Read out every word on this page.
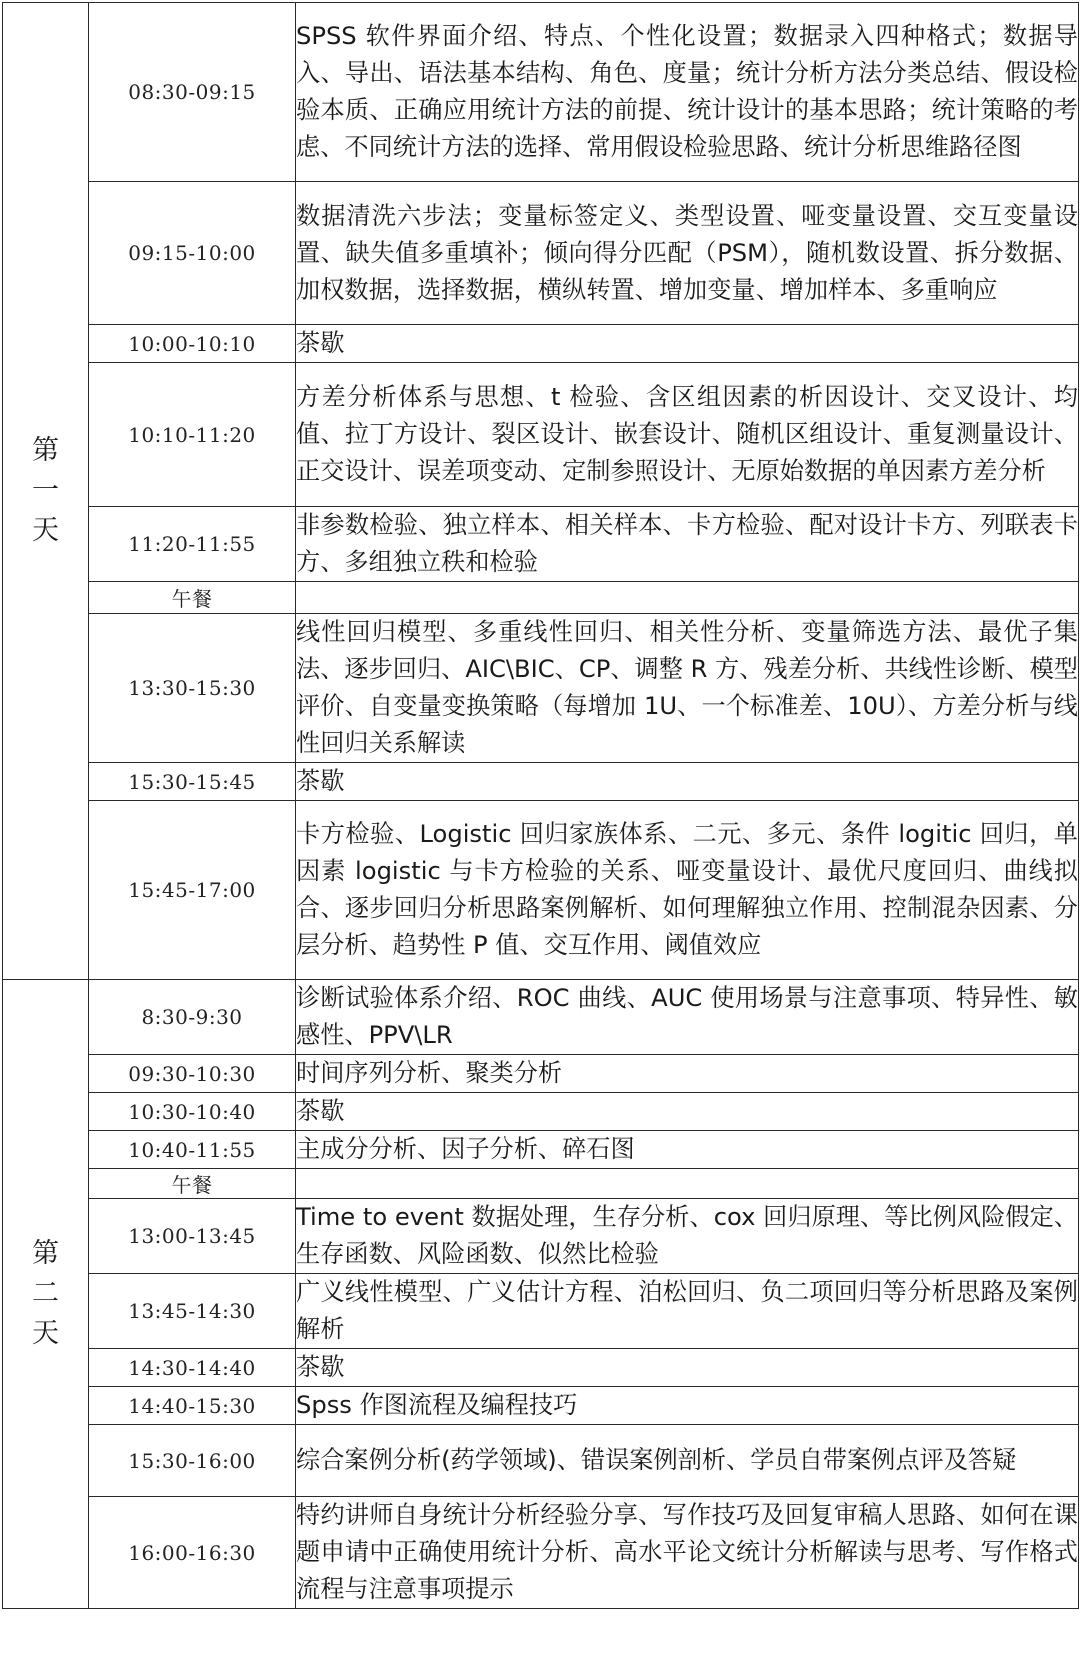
第一天	08:30-09:15	SPSS 软件界面介绍、特点、个性化设置；数据录入四种格式；数据导入、导出、语法基本结构、角色、度量；统计分析方法分类总结、假设检验本质、正确应用统计方法的前提、统计设计的基本思路；统计策略的考虑、不同统计方法的选择、常用假设检验思路、统计分析思维路径图
	09:15-10:00	数据清洗六步法；变量标签定义、类型设置、哑变量设置、交互变量设置、缺失值多重填补；倾向得分匹配（PSM），随机数设置、拆分数据、加权数据，选择数据，横纵转置、增加变量、增加样本、多重响应
	10:00-10:10	茶歇
	10:10-11:20	方差分析体系与思想、t 检验、含区组因素的析因设计、交叉设计、均值、拉丁方设计、裂区设计、嵌套设计、随机区组设计、重复测量设计、正交设计、误差项变动、定制参照设计、无原始数据的单因素方差分析
	11:20-11:55	非参数检验、独立样本、相关样本、卡方检验、配对设计卡方、列联表卡方、多组独立秩和检验
	午餐	
	13:30-15:30	线性回归模型、多重线性回归、相关性分析、变量筛选方法、最优子集法、逐步回归、AIC\BIC、CP、调整 R 方、残差分析、共线性诊断、模型评价、自变量变换策略（每增加 1U、一个标准差、10U）、方差分析与线性回归关系解读
	15:30-15:45	茶歇
	15:45-17:00	卡方检验、Logistic 回归家族体系、二元、多元、条件 logitic 回归，单因素 logistic 与卡方检验的关系、哑变量设计、最优尺度回归、曲线拟合、逐步回归分析思路案例解析、如何理解独立作用、控制混杂因素、分层分析、趋势性 P 值、交互作用、阈值效应
第二天	8:30-9:30	诊断试验体系介绍、ROC 曲线、AUC 使用场景与注意事项、特异性、敏感性、PPV\LR
	09:30-10:30	时间序列分析、聚类分析
	10:30-10:40	茶歇
	10:40-11:55	主成分分析、因子分析、碎石图
	午餐	
	13:00-13:45	Time to event 数据处理，生存分析、cox 回归原理、等比例风险假定、生存函数、风险函数、似然比检验
	13:45-14:30	广义线性模型、广义估计方程、泊松回归、负二项回归等分析思路及案例解析
	14:30-14:40	茶歇
	14:40-15:30	Spss 作图流程及编程技巧
	15:30-16:00	综合案例分析(药学领域)、错误案例剖析、学员自带案例点评及答疑
	16:00-16:30	特约讲师自身统计分析经验分享、写作技巧及回复审稿人思路、如何在课题申请中正确使用统计分析、高水平论文统计分析解读与思考、写作格式流程与注意事项提示
